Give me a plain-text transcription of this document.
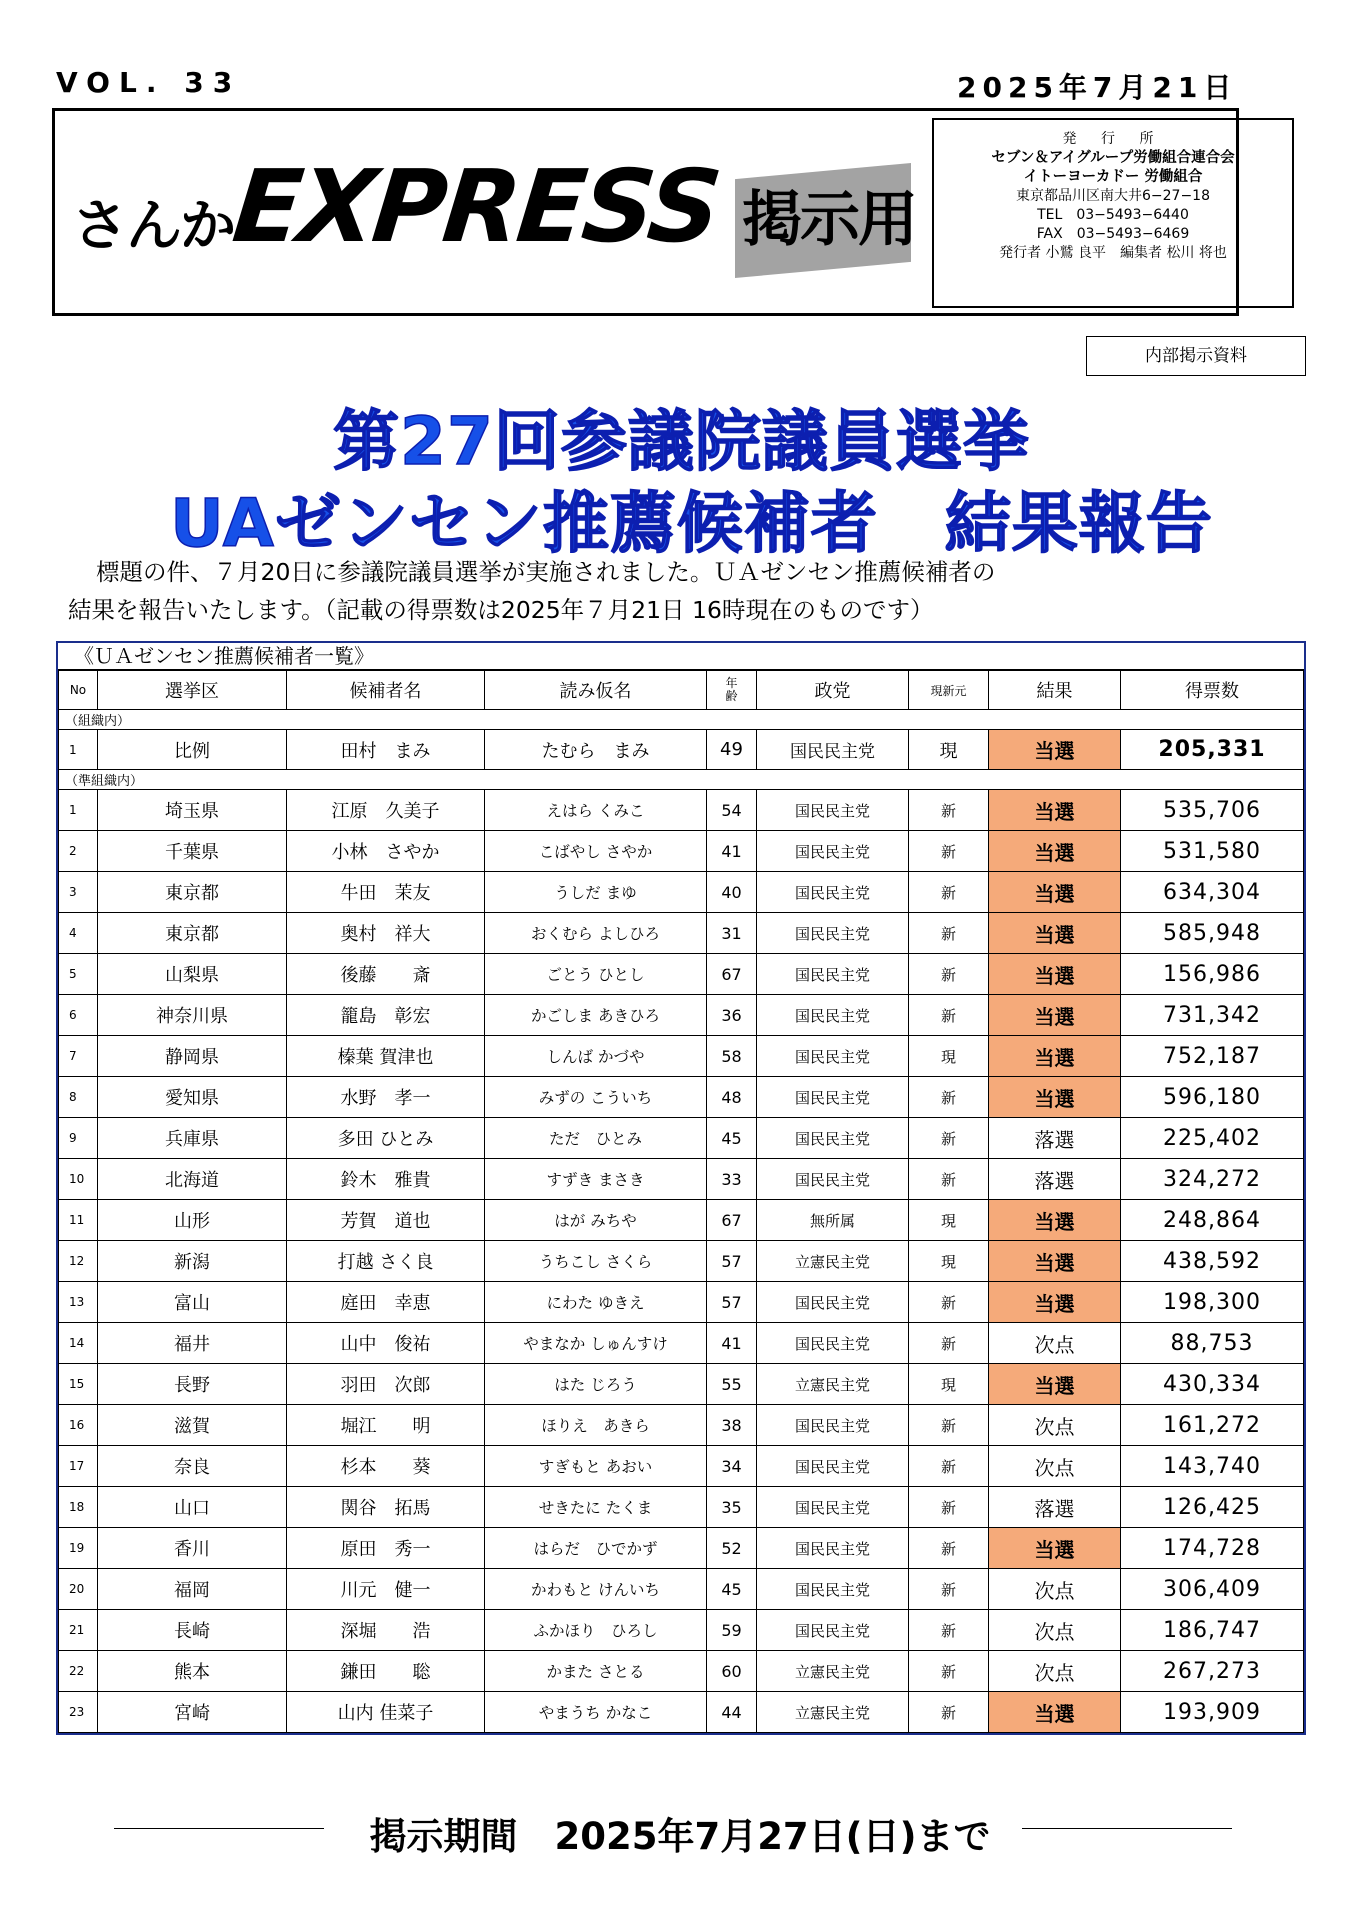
VOL. 33	2025年7月21日
さんか
EXPRESS 掲示用
発 行 所
セブン＆アイグループ労働組合連合会
イトーヨーカドー 労働組合
東京都品川区南大井6−27−18
TEL　03−5493−6440
FAX　03−5493−6469
発行者 小鷲 良平　編集者 松川 将也
内部掲示資料
第27回参議院議員選挙
UAゼンセン推薦候補者　結果報告
標題の件、７月20日に参議院議員選挙が実施されました。ＵＡゼンセン推薦候補者の
結果を報告いたします。（記載の得票数は2025年７月21日 16時現在のものです）
《ＵＡゼンセン推薦候補者一覧》
No	選挙区	候補者名	読み仮名	年齢	政党	現新元	結果	得票数
（組織内）								
1	比例	田村　まみ	たむら　まみ	49	国民民主党	現	当選	205,331
（準組織内）								
1	埼玉県	江原　久美子	えはら くみこ	54	国民民主党	新	当選	535,706
2	千葉県	小林　さやか	こばやし さやか	41	国民民主党	新	当選	531,580
3	東京都	牛田　茉友	うしだ まゆ	40	国民民主党	新	当選	634,304
4	東京都	奥村　祥大	おくむら よしひろ	31	国民民主党	新	当選	585,948
5	山梨県	後藤　　斎	ごとう ひとし	67	国民民主党	新	当選	156,986
6	神奈川県	籠島　彰宏	かごしま あきひろ	36	国民民主党	新	当選	731,342
7	静岡県	榛葉 賀津也	しんば かづや	58	国民民主党	現	当選	752,187
8	愛知県	水野　孝一	みずの こういち	48	国民民主党	新	当選	596,180
9	兵庫県	多田 ひとみ	ただ　ひとみ	45	国民民主党	新	落選	225,402
10	北海道	鈴木　雅貴	すずき まさき	33	国民民主党	新	落選	324,272
11	山形	芳賀　道也	はが みちや	67	無所属	現	当選	248,864
12	新潟	打越 さく良	うちこし さくら	57	立憲民主党	現	当選	438,592
13	富山	庭田　幸恵	にわた ゆきえ	57	国民民主党	新	当選	198,300
14	福井	山中　俊祐	やまなか しゅんすけ	41	国民民主党	新	次点	88,753
15	長野	羽田　次郎	はた じろう	55	立憲民主党	現	当選	430,334
16	滋賀	堀江　　明	ほりえ　あきら	38	国民民主党	新	次点	161,272
17	奈良	杉本　　葵	すぎもと あおい	34	国民民主党	新	次点	143,740
18	山口	関谷　拓馬	せきたに たくま	35	国民民主党	新	落選	126,425
19	香川	原田　秀一	はらだ　ひでかず	52	国民民主党	新	当選	174,728
20	福岡	川元　健一	かわもと けんいち	45	国民民主党	新	次点	306,409
21	長崎	深堀　　浩	ふかほり　ひろし	59	国民民主党	新	次点	186,747
22	熊本	鎌田　　聡	かまた さとる	60	立憲民主党	新	次点	267,273
23	宮崎	山内 佳菜子	やまうち かなこ	44	立憲民主党	新	当選	193,909
掲示期間　2025年7月27日(日)まで
